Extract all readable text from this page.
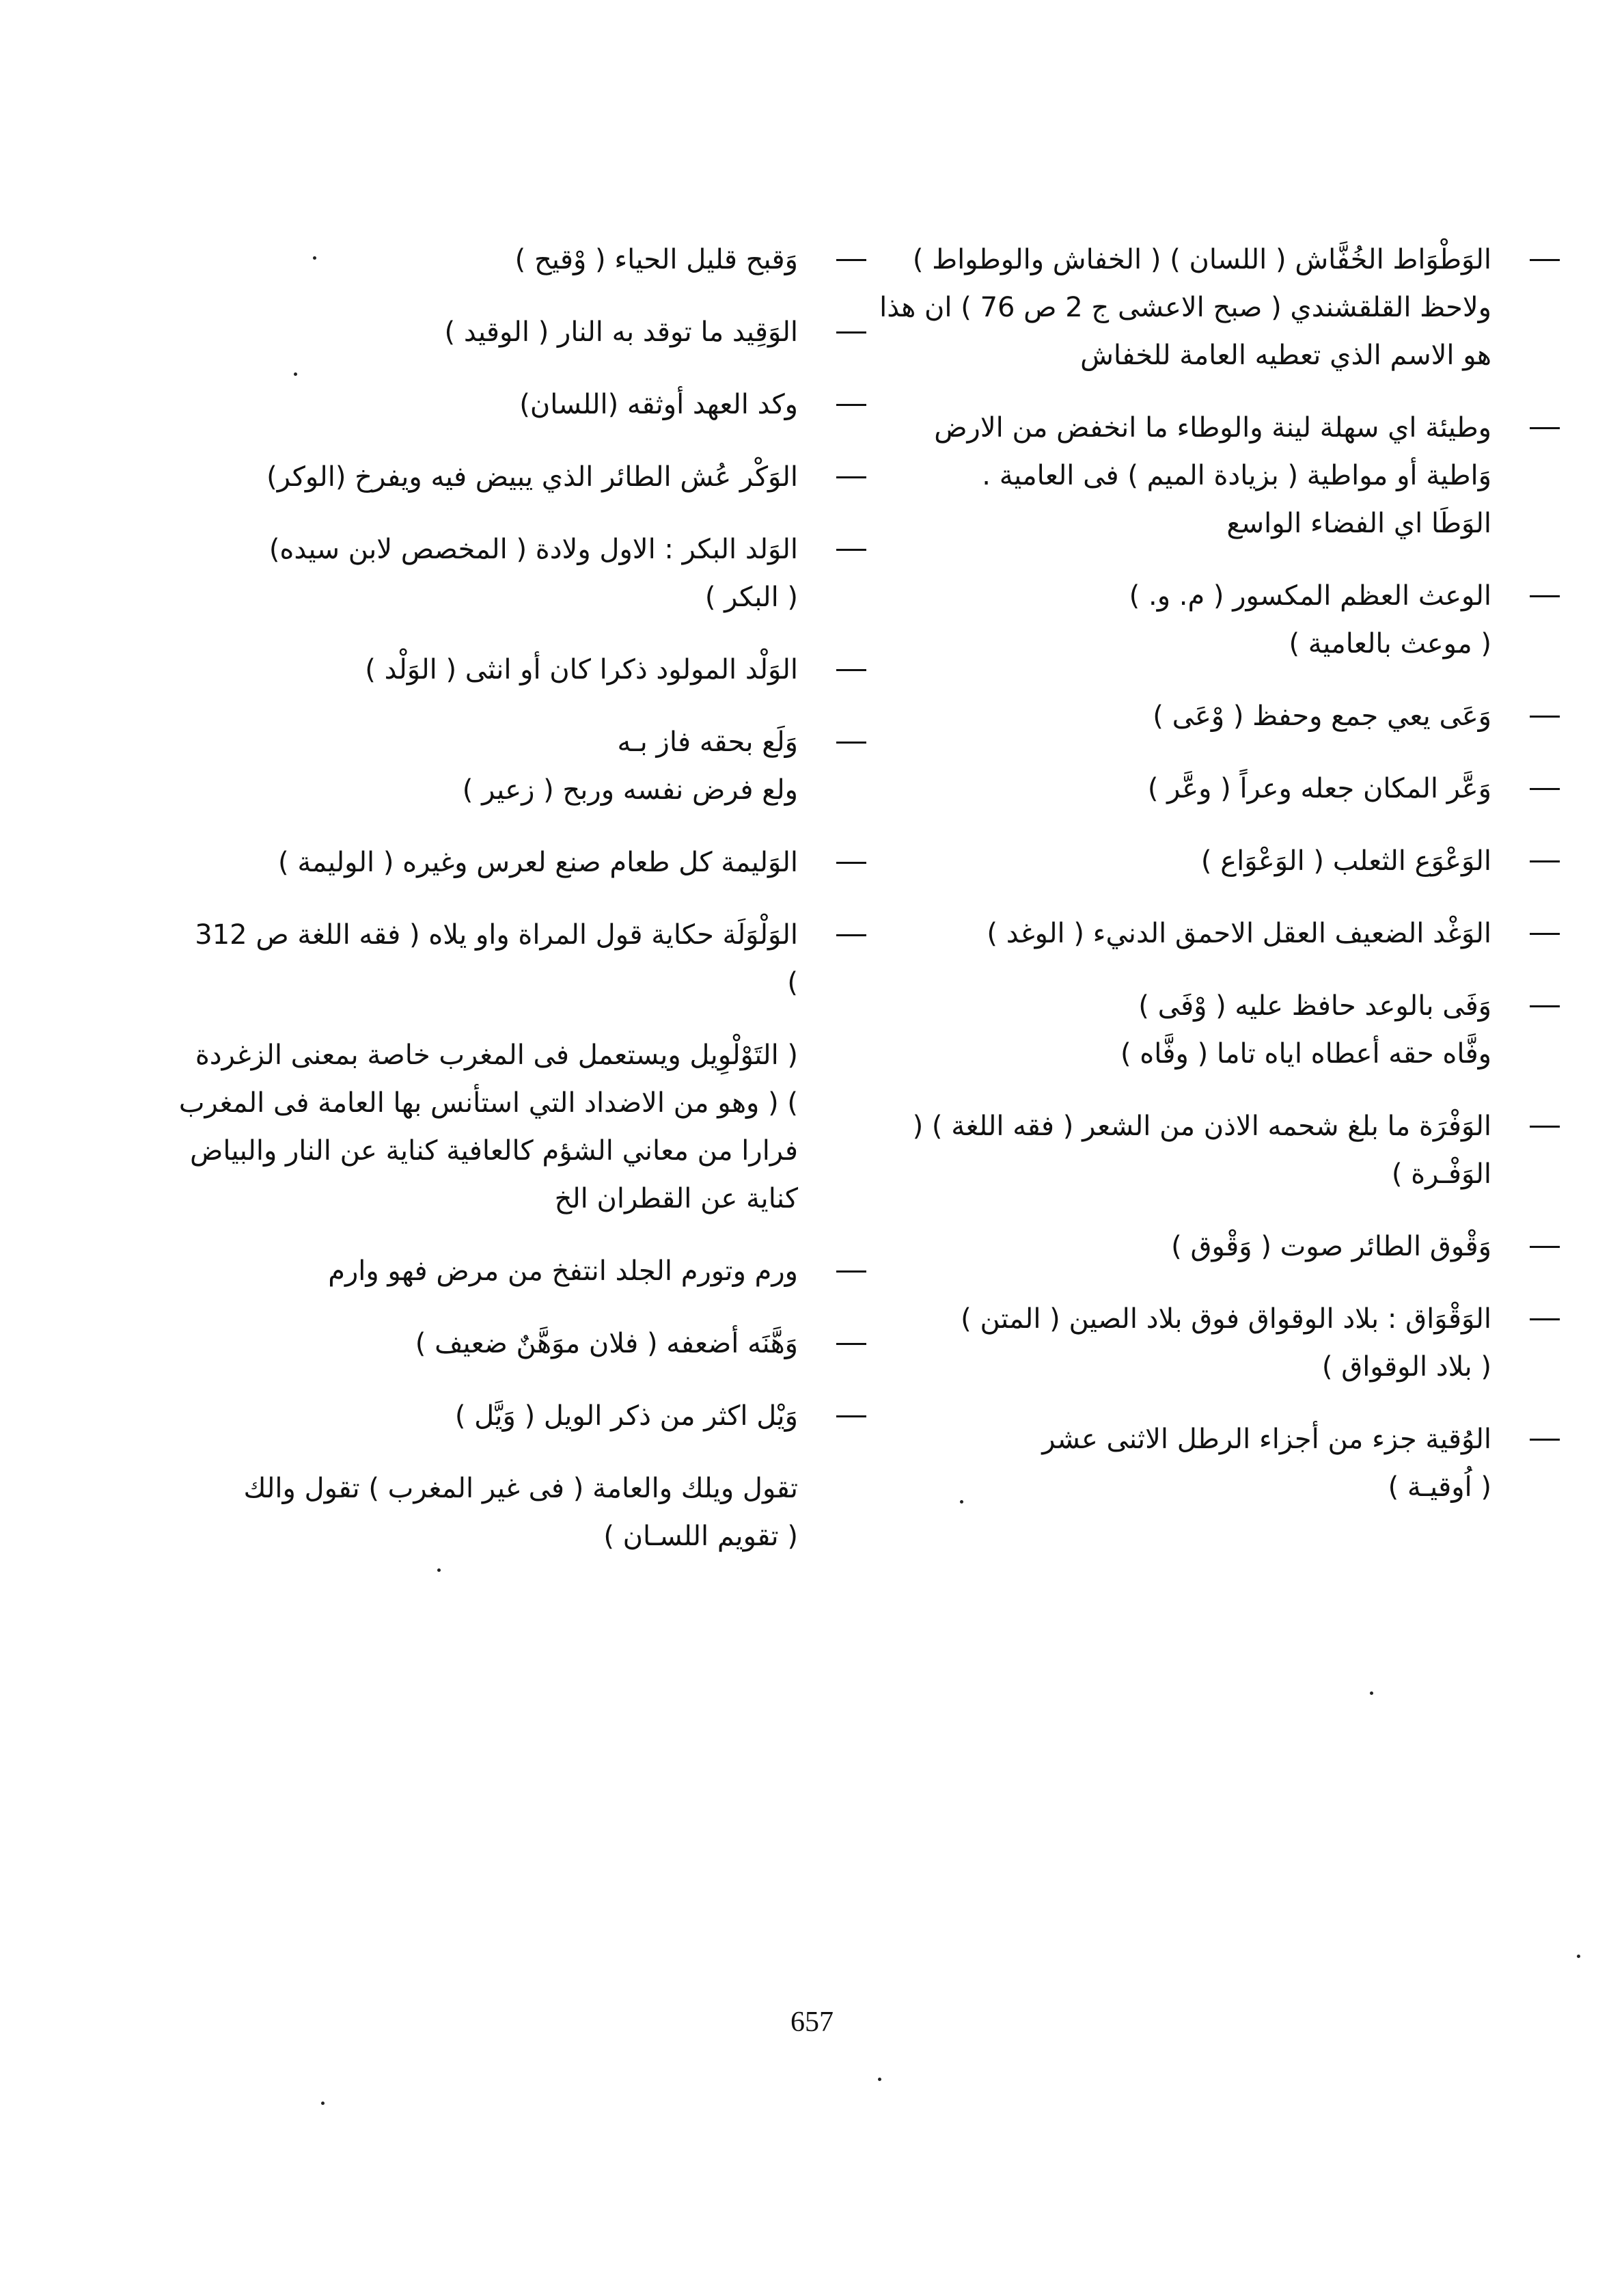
الوَطْوَاط الخُفَّاش ( اللسان ) ( الخفاش والوطواط ) ولاحظ القلقشندي ( صبح الاعشى ج 2 ص 76 ) ان هذا هو الاسم الذي تعطيه العامة للخفاش

وطيئة اي سهلة لينة والوطاء ما انخفض من الارض
وَاطية أو مواطية ( بزيادة الميم ) فى العامية .
الوَطَا اي الفضاء الواسع

الوعث العظم المكسور ( م. و. )
( موعث بالعامية )

وَعَى يعي جمع وحفظ ( وْعَى )

وَعَّر المكان جعله وعراً ( وعَّر )

الوَعْوَع الثعلب ( الوَعْوَاع )

الوَغْد الضعيف العقل الاحمق الدنيء ( الوغد )

وَفَى بالوعد حافظ عليه ( وْفَى )
وفَّاه حقه أعطاه اياه تاما ( وفَّاه )

الوَفْرَة ما بلغ شحمه الاذن من الشعر ( فقه اللغة ) ( الوَفْـرة )

وَقْوق الطائر صوت ( وَقْوق )

الوَقْوَاق : بلاد الوقواق فوق بلاد الصين ( المتن )
( بلاد الوقواق )

الوُقية جزء من أجزاء الرطل الاثنى عشر
( اُوقيـة )

وَقبح قليل الحياء ( وْقيح )

الوَقِيد ما توقد به النار ( الوقيد )

وكد العهد أوثقه (اللسان)

الوَكْر عُش الطائر الذي يبيض فيه ويفرخ (الوكر)

الوَلد البكر : الاول ولادة ( المخصص لابن سيده)
( البكر )

الوَلْد المولود ذكرا كان أو انثى ( الوَلْد )

وَلَع بحقه فاز بـه
ولع فرض نفسه وربح ( زعير )

الوَليمة كل طعام صنع لعرس وغيره ( الوليمة )

الوَلْوَلَة حكاية قول المراة واو يلاه ( فقه اللغة ص 312 )

( التَوْلْوِيل ويستعمل فى المغرب خاصة بمعنى الزغردة ) ( وهو من الاضداد التي استأنس بها العامة فى المغرب فرارا من معاني الشؤم كالعافية كناية عن النار والبياض كناية عن القطران الخ

ورم وتورم الجلد انتفخ من مرض فهو وارم

وَهَّنَه أضعفه ( فلان موَهَّنٌ ضعيف )

وَيْل اكثر من ذكر الويل ( وَيَّل )

تقول ويلك والعامة ( فى غير المغرب ) تقول والك
( تقويم اللسـان )

657
